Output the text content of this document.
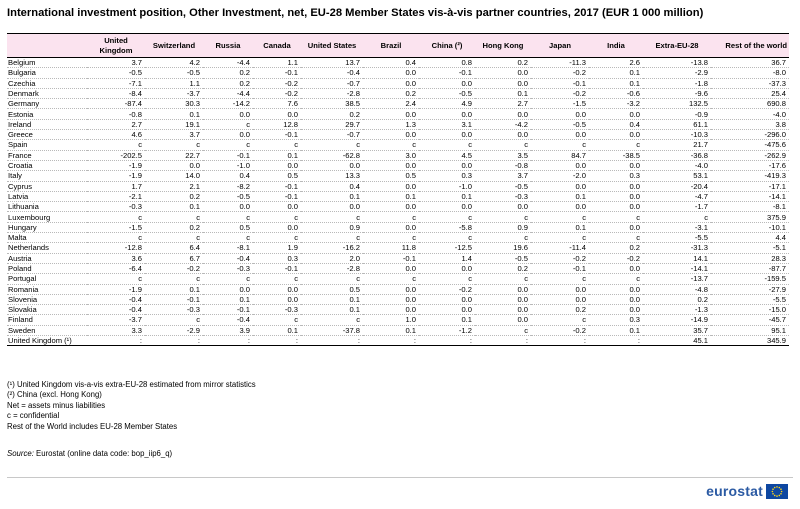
International investment position, Other Investment, net, EU-28 Member States vis-à-vis partner countries, 2017 (EUR 1 000 million)
	United Kingdom	Switzerland	Russia	Canada	United States	Brazil	China (²)	Hong Kong	Japan	India	Extra-EU-28	Rest of the world
Belgium	3.7	4.2	-4.4	1.1	13.7	0.4	0.8	0.2	-11.3	2.6	-13.8	36.7
Bulgaria	-0.5	-0.5	0.2	-0.1	-0.4	0.0	-0.1	0.0	-0.2	0.1	-2.9	-8.0
Czechia	-7.1	1.1	0.2	-0.2	-0.7	0.0	0.0	0.0	-0.1	0.1	-1.8	-37.3
Denmark	-8.4	-3.7	-4.4	-0.2	-2.8	0.2	-0.5	0.1	-0.2	-0.6	-9.6	25.4
Germany	-87.4	30.3	-14.2	7.6	38.5	2.4	4.9	2.7	-1.5	-3.2	132.5	690.8
Estonia	-0.8	0.1	0.0	0.0	0.2	0.0	0.0	0.0	0.0	0.0	-0.9	-4.0
Ireland	2.7	19.1	c	12.8	29.7	1.3	3.1	-4.2	-0.5	0.4	61.1	3.8
Greece	4.6	3.7	0.0	-0.1	-0.7	0.0	0.0	0.0	0.0	0.0	-10.3	-296.0
Spain	c	c	c	c	c	c	c	c	c	c	21.7	-475.6
France	-202.5	22.7	-0.1	0.1	-62.8	3.0	4.5	3.5	84.7	-38.5	-36.8	-262.9
Croatia	-1.9	0.0	-1.0	0.0	0.0	0.0	0.0	-0.8	0.0	0.0	-4.0	-17.6
Italy	-1.9	14.0	0.4	0.5	13.3	0.5	0.3	3.7	-2.0	0.3	53.1	-419.3
Cyprus	1.7	2.1	-8.2	-0.1	0.4	0.0	-1.0	-0.5	0.0	0.0	-20.4	-17.1
Latvia	-2.1	0.2	-0.5	-0.1	0.1	0.1	0.1	-0.3	0.1	0.0	-4.7	-14.1
Lithuania	-0.3	0.1	0.0	0.0	0.0	0.0	0.0	0.0	0.0	0.0	-1.7	-8.1
Luxembourg	c	c	c	c	c	c	c	c	c	c	c	375.9
Hungary	-1.5	0.2	0.5	0.0	0.9	0.0	-5.8	0.9	0.1	0.0	-3.1	-10.1
Malta	c	c	c	c	c	c	c	c	c	c	-5.5	4.4
Netherlands	-12.8	6.4	-8.1	1.9	-16.2	11.8	-12.5	19.6	-11.4	0.2	-31.3	-5.1
Austria	3.6	6.7	-0.4	0.3	2.0	-0.1	1.4	-0.5	-0.2	-0.2	14.1	28.3
Poland	-6.4	-0.2	-0.3	-0.1	-2.8	0.0	0.0	0.2	-0.1	0.0	-14.1	-87.7
Portugal	c	c	c	c	c	c	c	c	c	c	-13.7	-159.5
Romania	-1.9	0.1	0.0	0.0	0.5	0.0	-0.2	0.0	0.0	0.0	-4.8	-27.9
Slovenia	-0.4	-0.1	0.1	0.0	0.1	0.0	0.0	0.0	0.0	0.0	0.2	-5.5
Slovakia	-0.4	-0.3	-0.1	-0.3	0.1	0.0	0.0	0.0	0.2	0.0	-1.3	-15.0
Finland	-3.7	c	-0.4	c	c	1.0	0.1	0.0	c	0.3	-14.9	-45.7
Sweden	3.3	-2.9	3.9	0.1	-37.8	0.1	-1.2	c	-0.2	0.1	35.7	95.1
United Kingdom (¹)	:	:	:	:	:	:	:	:	:	:	45.1	345.9
(¹) United Kingdom vis-a-vis extra-EU-28 estimated from mirror statistics
(²) China (excl. Hong Kong)
Net = assets minus liabilities
c = confidential
Rest of the World includes EU-28 Member States
Source: Eurostat (online data code: bop_iip6_q)
eurostat
